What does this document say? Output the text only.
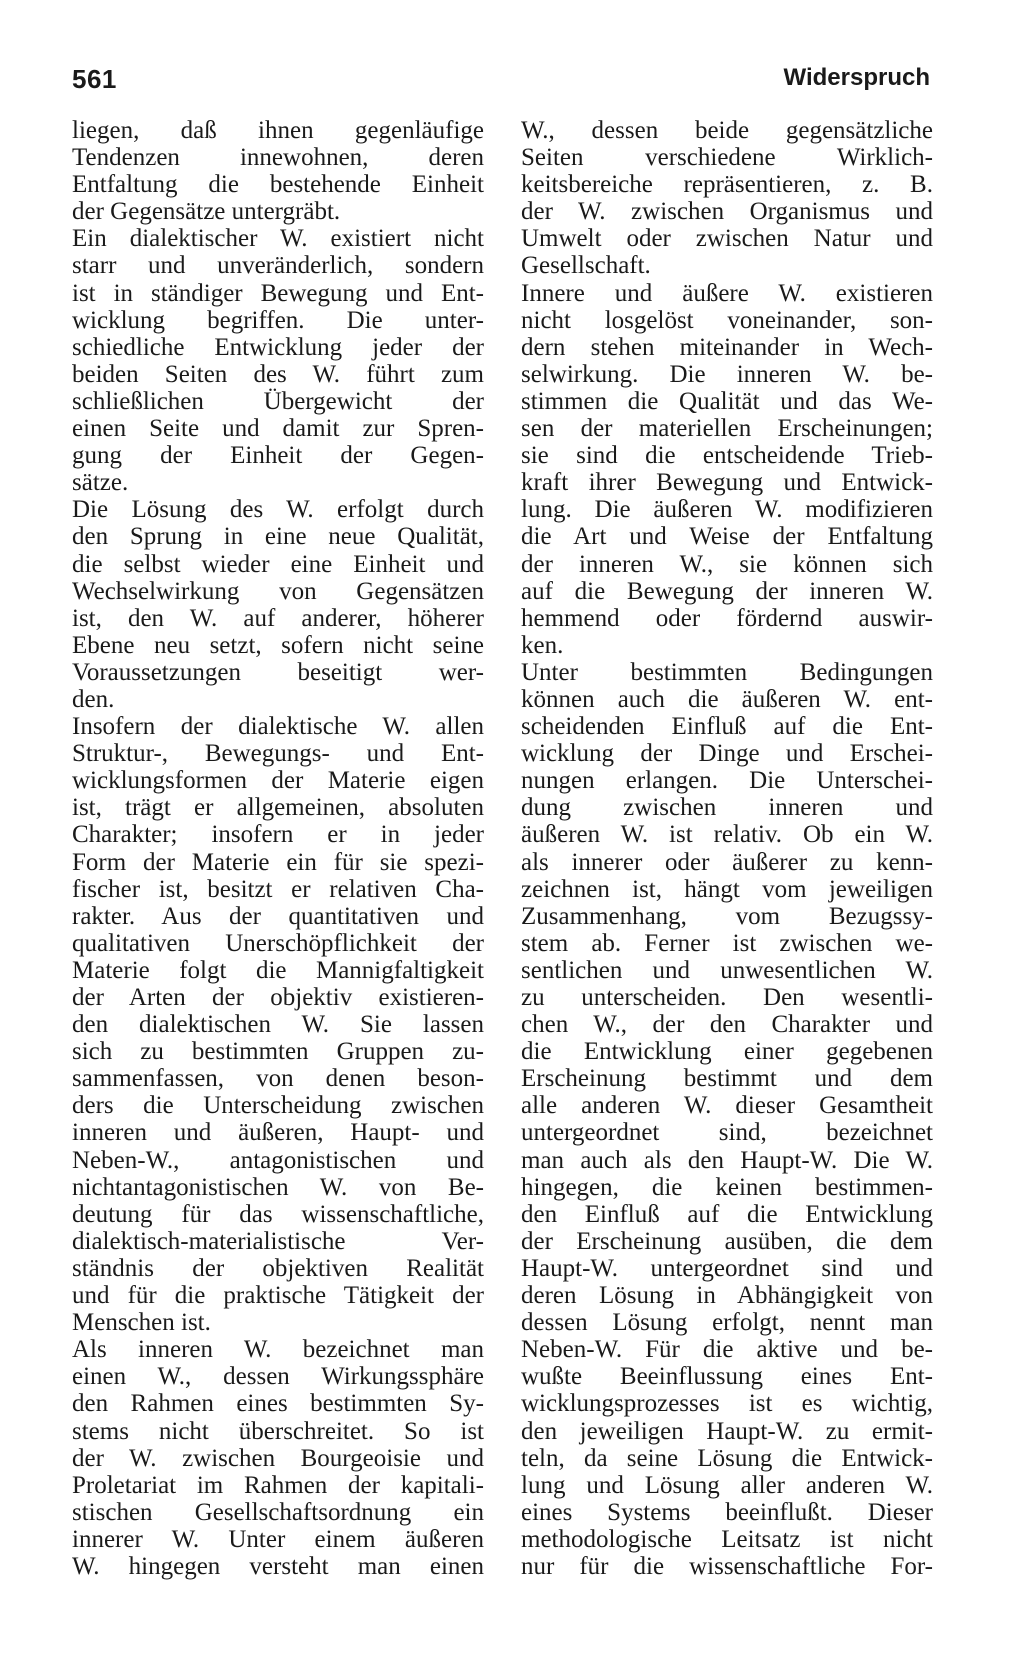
561	Widerspruch
liegen, daß ihnen gegenläufige
Tendenzen innewohnen, deren
Entfaltung die bestehende Einheit
der Gegensätze untergräbt.
Ein dialektischer W. existiert nicht
starr und unveränderlich, sondern
ist in ständiger Bewegung und Ent-
wicklung begriffen. Die unter-
schiedliche Entwicklung jeder der
beiden Seiten des W. führt zum
schließlichen Übergewicht der
einen Seite und damit zur Spren-
gung der Einheit der Gegen-
sätze.
Die Lösung des W. erfolgt durch
den Sprung in eine neue Qualität,
die selbst wieder eine Einheit und
Wechselwirkung von Gegensätzen
ist, den W. auf anderer, höherer
Ebene neu setzt, sofern nicht seine
Voraussetzungen beseitigt wer-
den.
Insofern der dialektische W. allen
Struktur-, Bewegungs- und Ent-
wicklungsformen der Materie eigen
ist, trägt er allgemeinen, absoluten
Charakter; insofern er in jeder
Form der Materie ein für sie spezi-
fischer ist, besitzt er relativen Cha-
rakter. Aus der quantitativen und
qualitativen Unerschöpflichkeit der
Materie folgt die Mannigfaltigkeit
der Arten der objektiv existieren-
den dialektischen W. Sie lassen
sich zu bestimmten Gruppen zu-
sammenfassen, von denen beson-
ders die Unterscheidung zwischen
inneren und äußeren, Haupt- und
Neben-W., antagonistischen und
nichtantagonistischen W. von Be-
deutung für das wissenschaftliche,
dialektisch-materialistische Ver-
ständnis der objektiven Realität
und für die praktische Tätigkeit der
Menschen ist.
Als inneren W. bezeichnet man
einen W., dessen Wirkungssphäre
den Rahmen eines bestimmten Sy-
stems nicht überschreitet. So ist
der W. zwischen Bourgeoisie und
Proletariat im Rahmen der kapitali-
stischen Gesellschaftsordnung ein
innerer W. Unter einem äußeren
W. hingegen versteht man einen
W., dessen beide gegensätzliche
Seiten verschiedene Wirklich-
keitsbereiche repräsentieren, z. B.
der W. zwischen Organismus und
Umwelt oder zwischen Natur und
Gesellschaft.
Innere und äußere W. existieren
nicht losgelöst voneinander, son-
dern stehen miteinander in Wech-
selwirkung. Die inneren W. be-
stimmen die Qualität und das We-
sen der materiellen Erscheinungen;
sie sind die entscheidende Trieb-
kraft ihrer Bewegung und Entwick-
lung. Die äußeren W. modifizieren
die Art und Weise der Entfaltung
der inneren W., sie können sich
auf die Bewegung der inneren W.
hemmend oder fördernd auswir-
ken.
Unter bestimmten Bedingungen
können auch die äußeren W. ent-
scheidenden Einfluß auf die Ent-
wicklung der Dinge und Erschei-
nungen erlangen. Die Unterschei-
dung zwischen inneren und
äußeren W. ist relativ. Ob ein W.
als innerer oder äußerer zu kenn-
zeichnen ist, hängt vom jeweiligen
Zusammenhang, vom Bezugssy-
stem ab. Ferner ist zwischen we-
sentlichen und unwesentlichen W.
zu unterscheiden. Den wesentli-
chen W., der den Charakter und
die Entwicklung einer gegebenen
Erscheinung bestimmt und dem
alle anderen W. dieser Gesamtheit
untergeordnet sind, bezeichnet
man auch als den Haupt-W. Die W.
hingegen, die keinen bestimmen-
den Einfluß auf die Entwicklung
der Erscheinung ausüben, die dem
Haupt-W. untergeordnet sind und
deren Lösung in Abhängigkeit von
dessen Lösung erfolgt, nennt man
Neben-W. Für die aktive und be-
wußte Beeinflussung eines Ent-
wicklungsprozesses ist es wichtig,
den jeweiligen Haupt-W. zu ermit-
teln, da seine Lösung die Entwick-
lung und Lösung aller anderen W.
eines Systems beeinflußt. Dieser
methodologische Leitsatz ist nicht
nur für die wissenschaftliche For-
